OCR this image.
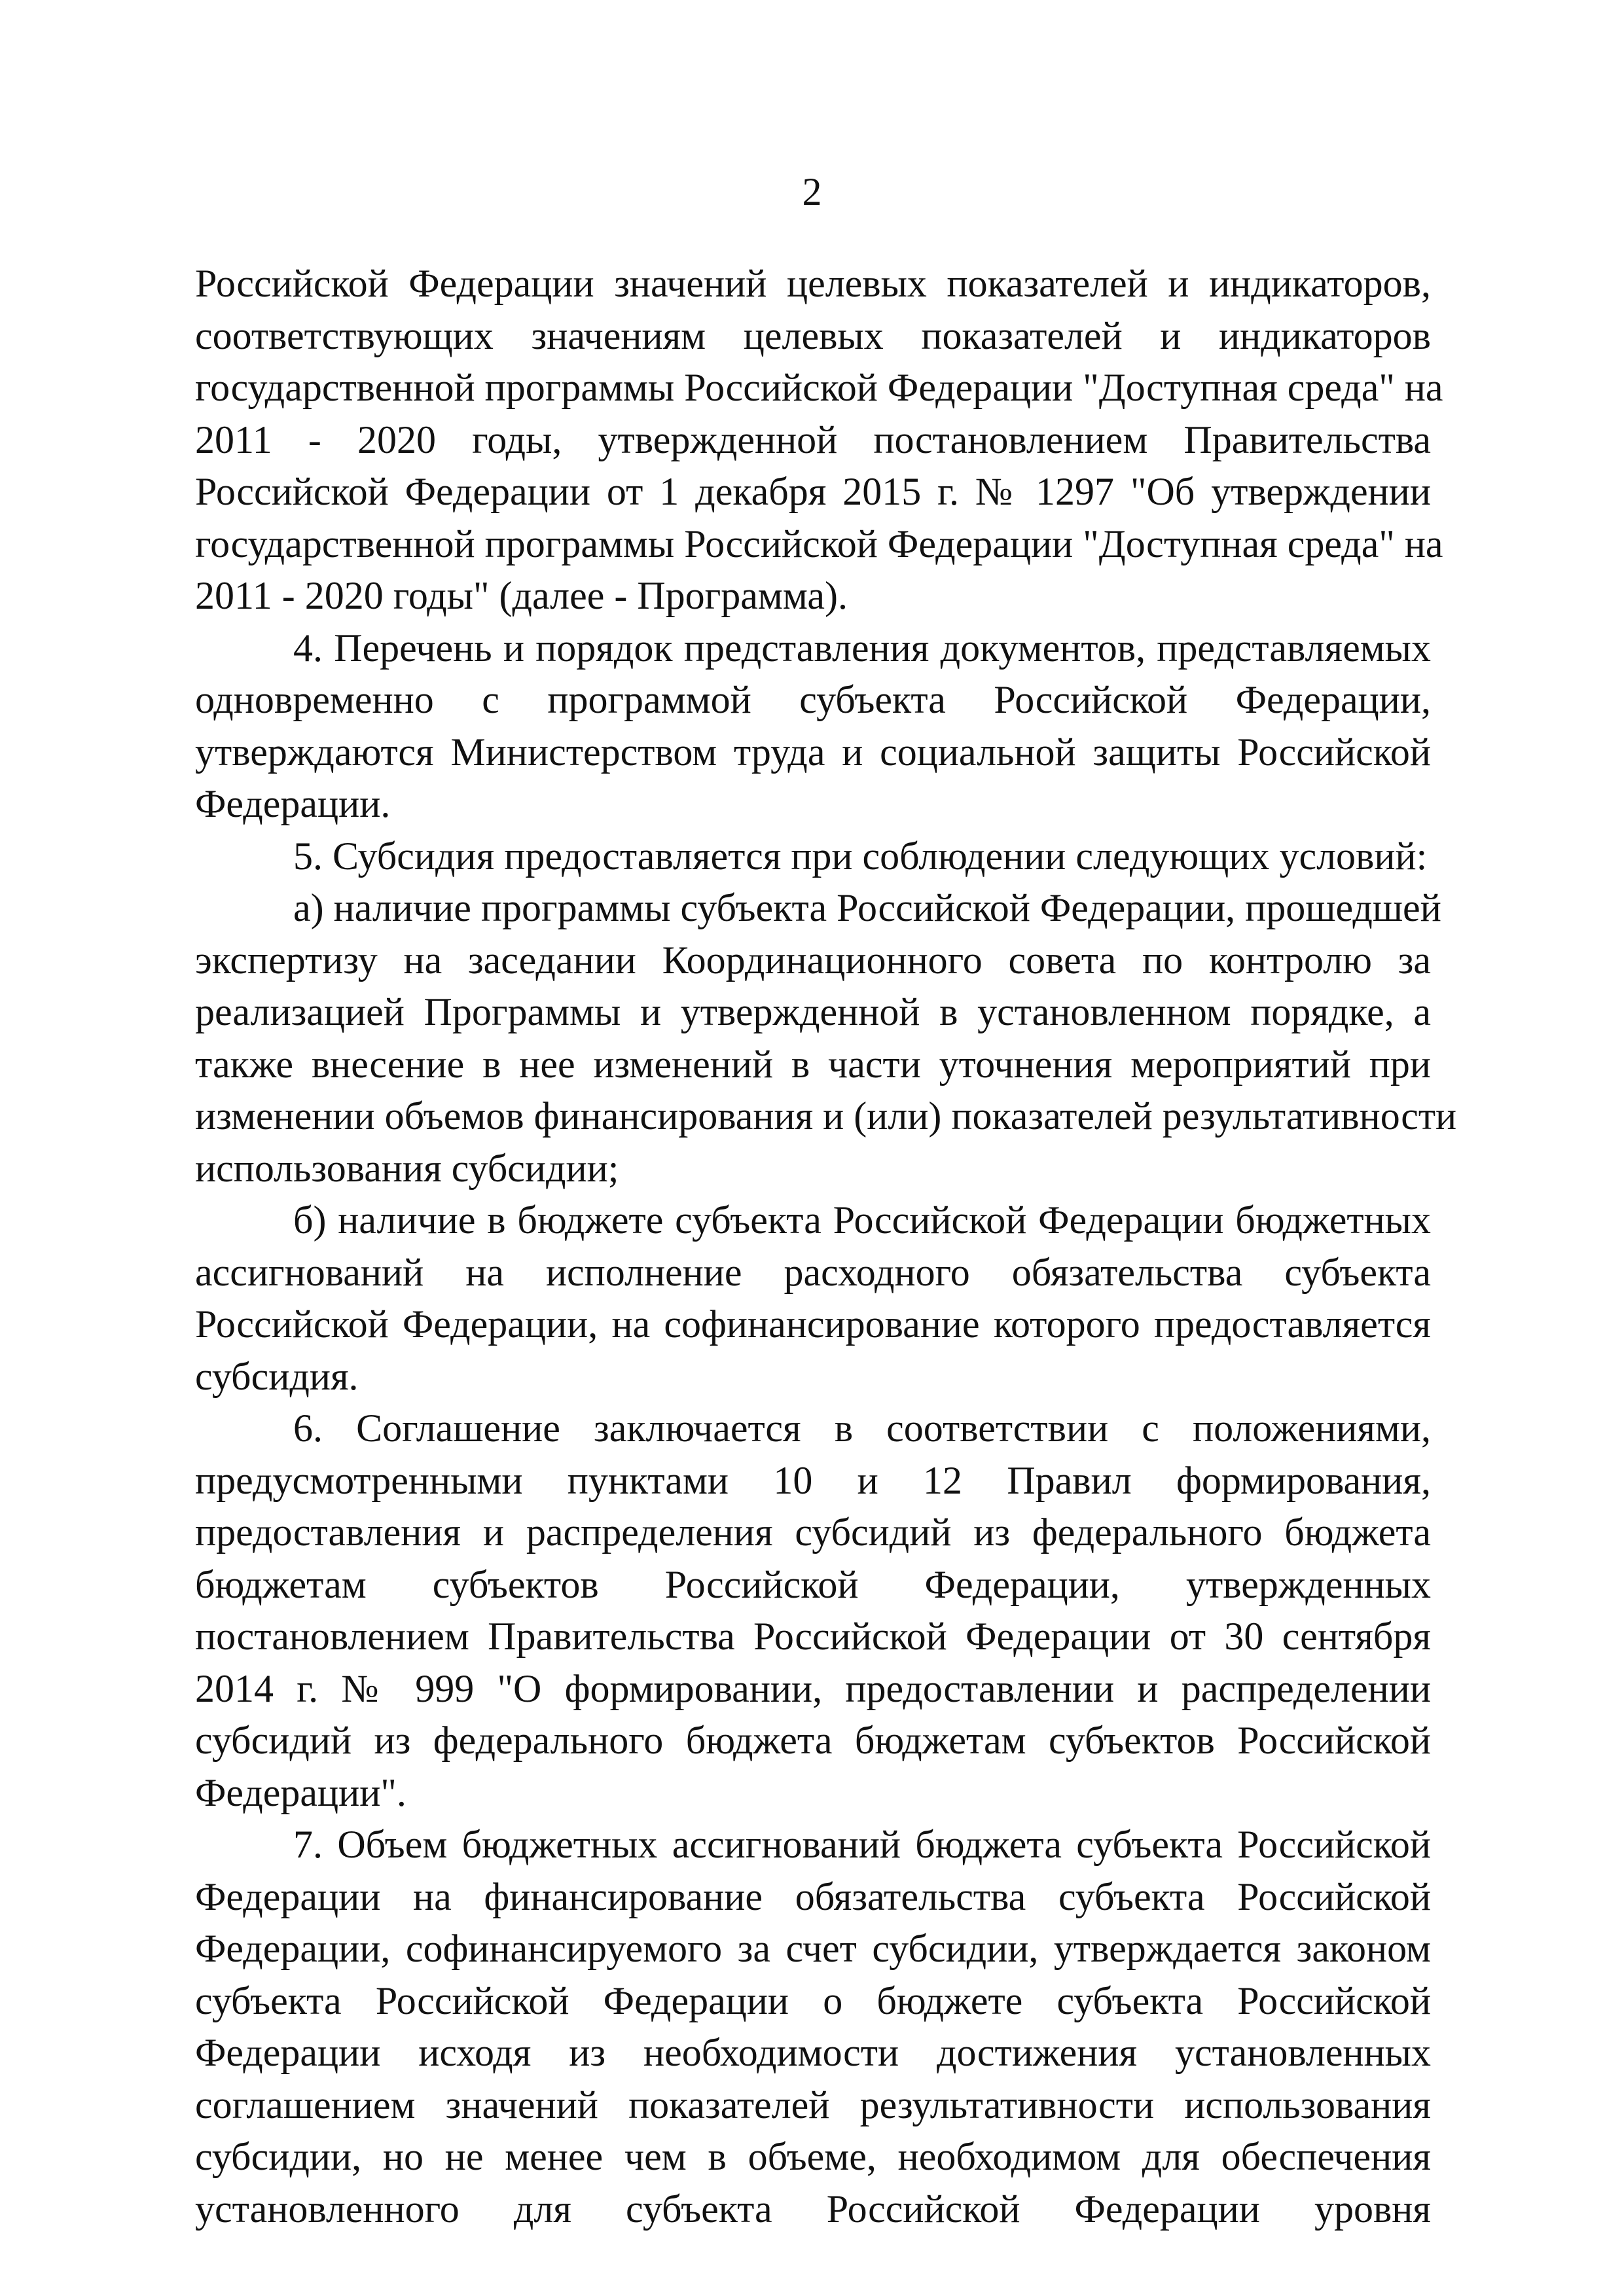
2
Российской Федерации значений целевых показателей и индикаторов,
соответствующих значениям целевых показателей и индикаторов
государственной программы Российской Федерации "Доступная среда" на
2011 - 2020 годы, утвержденной постановлением Правительства
Российской Федерации от 1 декабря 2015 г. № 1297 "Об утверждении
государственной программы Российской Федерации "Доступная среда" на
2011 - 2020 годы" (далее - Программа).
4. Перечень и порядок представления документов, представляемых
одновременно с программой субъекта Российской Федерации,
утверждаются Министерством труда и социальной защиты Российской
Федерации.
5. Субсидия предоставляется при соблюдении следующих условий:
а) наличие программы субъекта Российской Федерации, прошедшей
экспертизу на заседании Координационного совета по контролю за
реализацией Программы и утвержденной в установленном порядке, а
также внесение в нее изменений в части уточнения мероприятий при
изменении объемов финансирования и (или) показателей результативности
использования субсидии;
б) наличие в бюджете субъекта Российской Федерации бюджетных
ассигнований на исполнение расходного обязательства субъекта
Российской Федерации, на софинансирование которого предоставляется
субсидия.
6. Соглашение заключается в соответствии с положениями,
предусмотренными пунктами 10 и 12 Правил формирования,
предоставления и распределения субсидий из федерального бюджета
бюджетам субъектов Российской Федерации, утвержденных
постановлением Правительства Российской Федерации от 30 сентября
2014 г. № 999 "О формировании, предоставлении и распределении
субсидий из федерального бюджета бюджетам субъектов Российской
Федерации".
7. Объем бюджетных ассигнований бюджета субъекта Российской
Федерации на финансирование обязательства субъекта Российской
Федерации, софинансируемого за счет субсидии, утверждается законом
субъекта Российской Федерации о бюджете субъекта Российской
Федерации исходя из необходимости достижения установленных
соглашением значений показателей результативности использования
субсидии, но не менее чем в объеме, необходимом для обеспечения
установленного для субъекта Российской Федерации уровня
